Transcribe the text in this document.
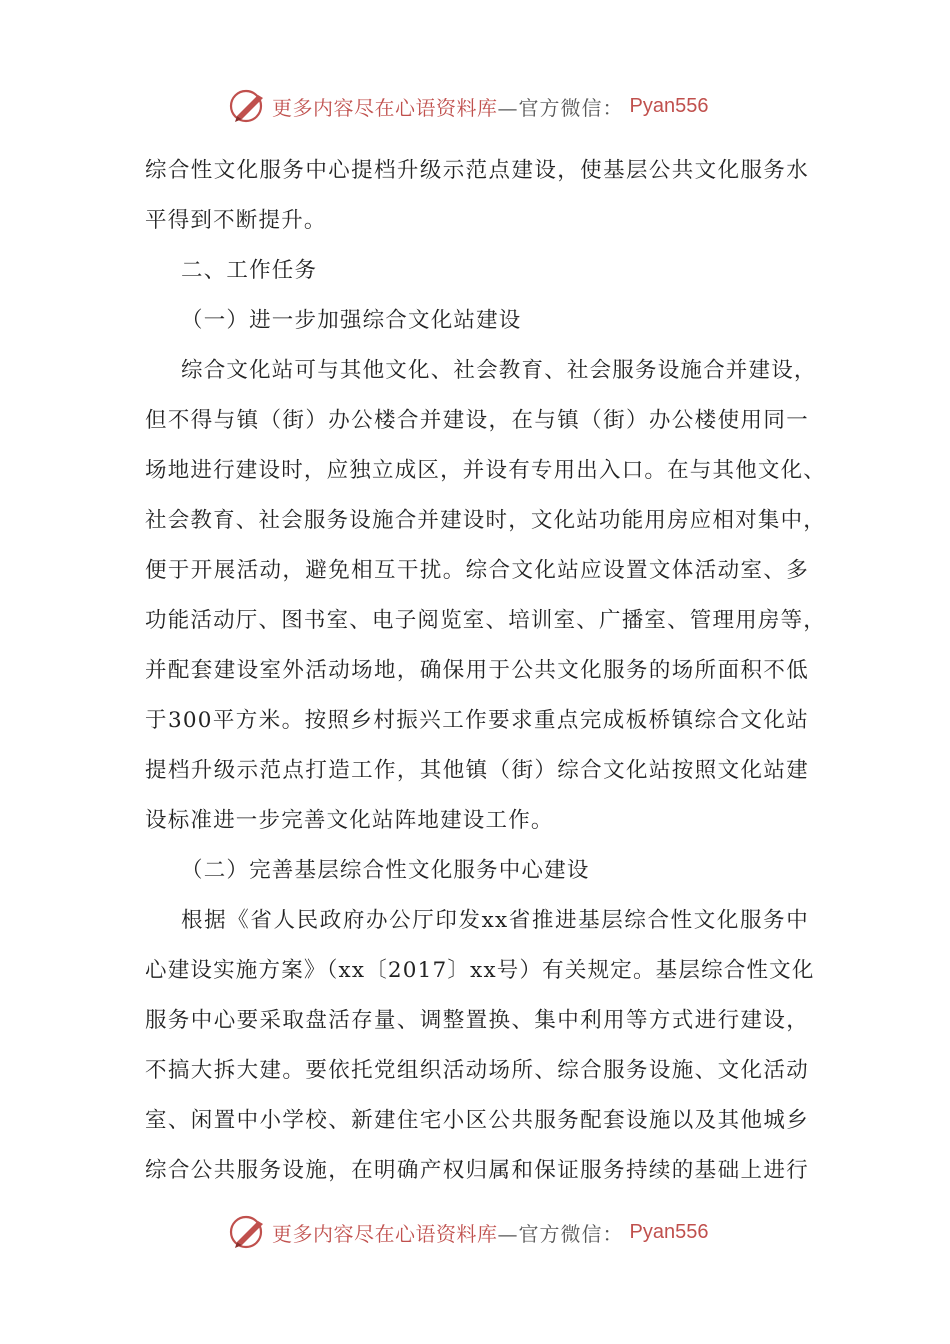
更多内容尽在心语资料库 —官方微信： Pyan556
综合性文化服务中心提档升级示范点建设，使基层公共文化服务水
平得到不断提升。
二、工作任务
（一）进一步加强综合文化站建设
综合文化站可与其他文化、社会教育、社会服务设施合并建设，
但不得与镇（街）办公楼合并建设，在与镇（街）办公楼使用同一
场地进行建设时，应独立成区，并设有专用出入口。在与其他文化、
社会教育、社会服务设施合并建设时，文化站功能用房应相对集中，
便于开展活动，避免相互干扰。综合文化站应设置文体活动室、多
功能活动厅、图书室、电子阅览室、培训室、广播室、管理用房等，
并配套建设室外活动场地，确保用于公共文化服务的场所面积不低
于300平方米。按照乡村振兴工作要求重点完成板桥镇综合文化站
提档升级示范点打造工作，其他镇（街）综合文化站按照文化站建
设标准进一步完善文化站阵地建设工作。
（二）完善基层综合性文化服务中心建设
根据《省人民政府办公厅印发xx省推进基层综合性文化服务中
心建设实施方案》（xx〔2017〕xx号）有关规定。基层综合性文化
服务中心要采取盘活存量、调整置换、集中利用等方式进行建设，
不搞大拆大建。要依托党组织活动场所、综合服务设施、文化活动
室、闲置中小学校、新建住宅小区公共服务配套设施以及其他城乡
综合公共服务设施，在明确产权归属和保证服务持续的基础上进行
更多内容尽在心语资料库 —官方微信： Pyan556
